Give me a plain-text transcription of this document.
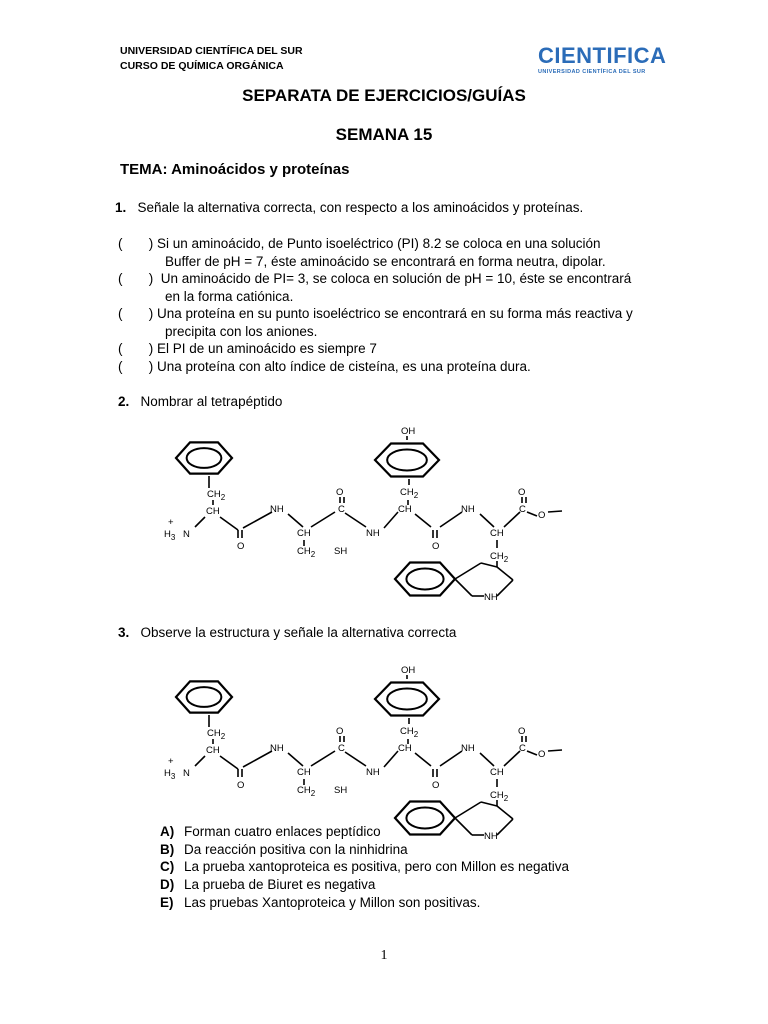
UNIVERSIDAD CIENTÍFICA DEL SUR
CURSO DE QUÍMICA ORGÁNICA	CIENTIFICA
UNIVERSIDAD CIENTÍFICA DEL SUR
SEPARATA DE EJERCICIOS/GUÍAS
SEMANA 15
TEMA: Aminoácidos y proteínas
1. Señale la alternativa correcta, con respecto a los aminoácidos y proteínas.
(       ) Si un aminoácido, de Punto isoeléctrico (PI) 8.2 se coloca en una solución
Buffer de pH = 7, éste aminoácido se encontrará en forma neutra, dipolar.
(       )  Un aminoácido de PI= 3, se coloca en solución de pH = 10, éste se encontrará
en la forma catiónica.
(       ) Una proteína en su punto isoeléctrico se encontrará en su forma más reactiva y
precipita con los aniones.
(       ) El PI de un aminoácido es siempre 7
(       ) Una proteína con alto índice de cisteína, es una proteína dura.
2. Nombrar al tetrapéptido
$CH_2$
CH
+
$H_3$ N
O
NH
CH
$CH_2$ SH
O
C
NH
OH
$CH_2$
CH
O
NH
CH
$CH_2$
O
C
O
NH
$CH_2$
CH
+
$H_3$ N
O
NH
CH
$CH_2$ SH
O
C
NH
OH
$CH_2$
CH
O
NH
CH
$CH_2$
O
C
O
NH
3. Observe la estructura y señale la alternativa correcta
A) Forman cuatro enlaces peptídico
B) Da reacción positiva con la ninhidrina
C) La prueba xantoproteica es positiva, pero con Millon es negativa
D) La prueba de Biuret es negativa
E) Las pruebas Xantoproteica y Millon son positivas.
1
